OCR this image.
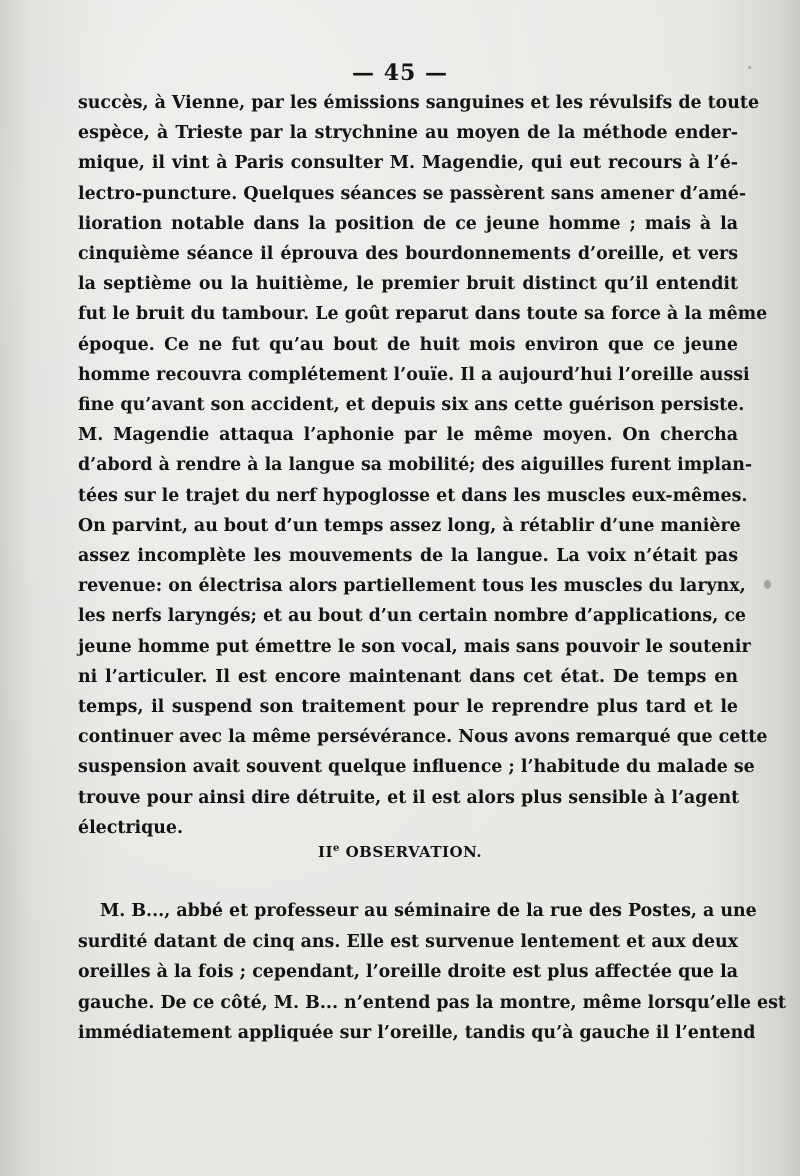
— 45 —
succès, à Vienne, par les émissions sanguines et les révulsifs de toute
espèce, à Trieste par la strychnine au moyen de la méthode ender-
mique, il vint à Paris consulter M. Magendie, qui eut recours à l’é-
lectro-puncture. Quelques séances se passèrent sans amener d’amé-
lioration notable dans la position de ce jeune homme ; mais à la
cinquième séance il éprouva des bourdonnements d’oreille, et vers
la septième ou la huitième, le premier bruit distinct qu’il entendit
fut le bruit du tambour. Le goût reparut dans toute sa force à la même
époque. Ce ne fut qu’au bout de huit mois environ que ce jeune
homme recouvra complétement l’ouïe. Il a aujourd’hui l’oreille aussi
fine qu’avant son accident, et depuis six ans cette guérison persiste.
M. Magendie attaqua l’aphonie par le même moyen. On chercha
d’abord à rendre à la langue sa mobilité; des aiguilles furent implan-
tées sur le trajet du nerf hypoglosse et dans les muscles eux-mêmes.
On parvint, au bout d’un temps assez long, à rétablir d’une manière
assez incomplète les mouvements de la langue. La voix n’était pas
revenue: on électrisa alors partiellement tous les muscles du larynx,
les nerfs laryngés; et au bout d’un certain nombre d’applications, ce
jeune homme put émettre le son vocal, mais sans pouvoir le soutenir
ni l’articuler. Il est encore maintenant dans cet état. De temps en
temps, il suspend son traitement pour le reprendre plus tard et le
continuer avec la même persévérance. Nous avons remarqué que cette
suspension avait souvent quelque influence ; l’habitude du malade se
trouve pour ainsi dire détruite, et il est alors plus sensible à l’agent
électrique.
IIe OBSERVATION.
M. B..., abbé et professeur au séminaire de la rue des Postes, a une
surdité datant de cinq ans. Elle est survenue lentement et aux deux
oreilles à la fois ; cependant, l’oreille droite est plus affectée que la
gauche. De ce côté, M. B... n’entend pas la montre, même lorsqu’elle est
immédiatement appliquée sur l’oreille, tandis qu’à gauche il l’entend
